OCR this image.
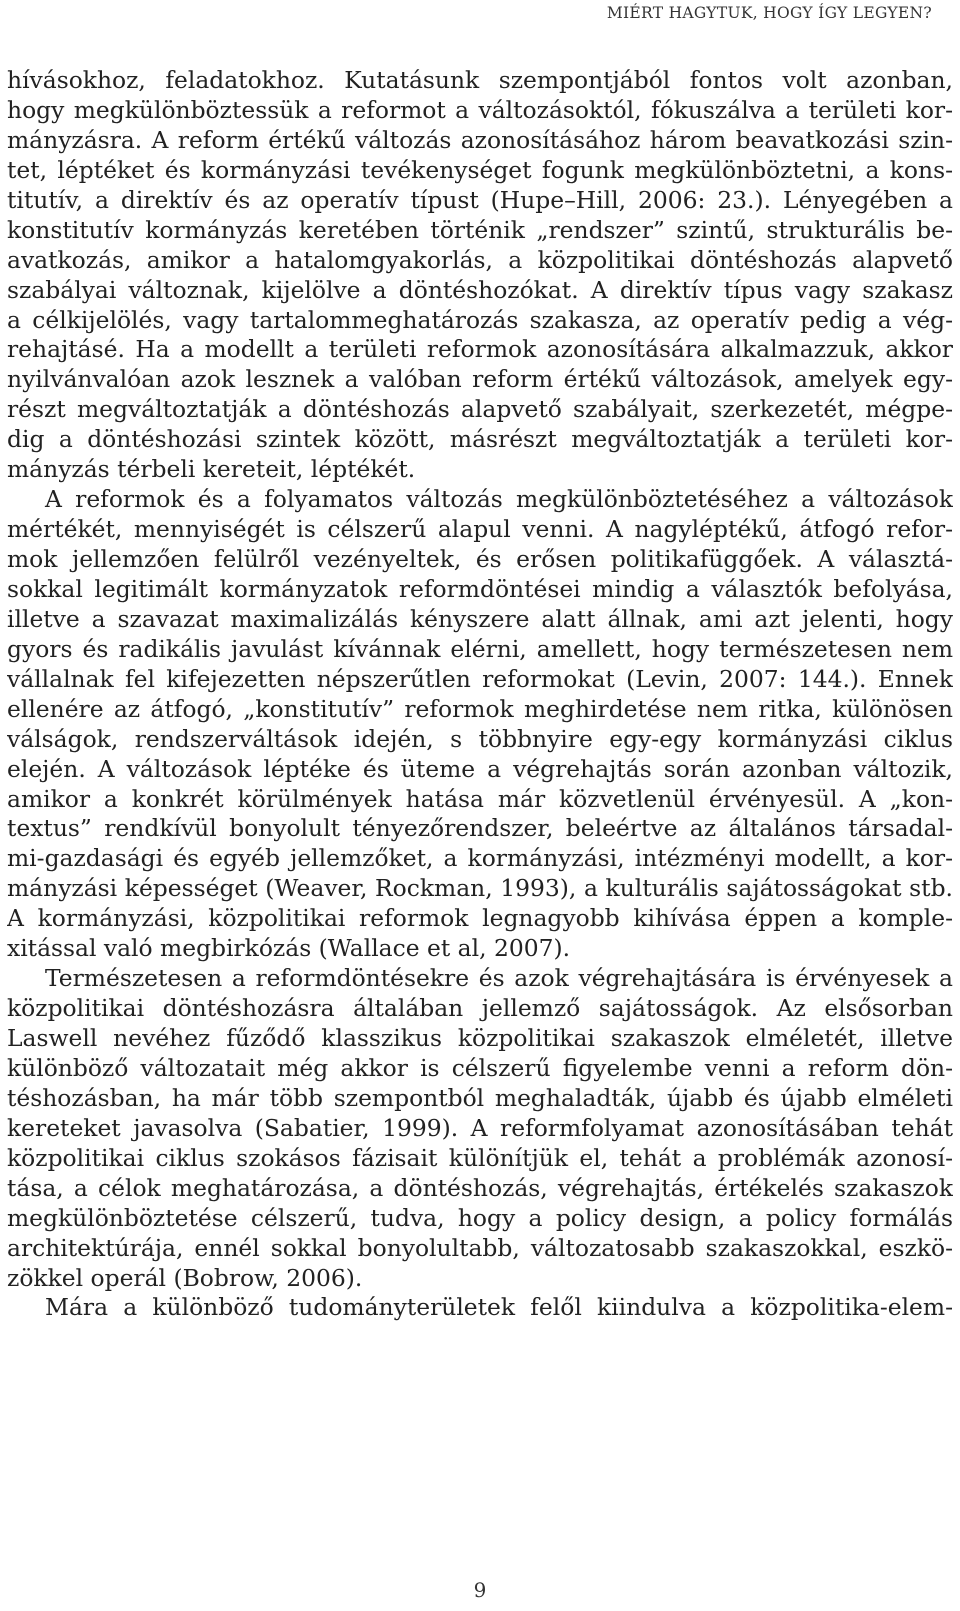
MIÉRT HAGYTUK, HOGY ÍGY LEGYEN?
hívásokhoz, feladatokhoz. Kutatásunk szempontjából fontos volt azonban,
hogy megkülönböztessük a reformot a változásoktól, fókuszálva a területi kor-
mányzásra. A reform értékű változás azonosításához három beavatkozási szin-
tet, léptéket és kormányzási tevékenységet fogunk megkülönböztetni, a kons-
titutív, a direktív és az operatív típust (Hupe–Hill, 2006: 23.). Lényegében a
konstitutív kormányzás keretében történik „rendszer” szintű, strukturális be-
avatkozás, amikor a hatalomgyakorlás, a közpolitikai döntéshozás alapvető
szabályai változnak, kijelölve a döntéshozókat. A direktív típus vagy szakasz
a célkijelölés, vagy tartalommeghatározás szakasza, az operatív pedig a vég-
rehajtásé. Ha a modellt a területi reformok azonosítására alkalmazzuk, akkor
nyilvánvalóan azok lesznek a valóban reform értékű változások, amelyek egy-
részt megváltoztatják a döntéshozás alapvető szabályait, szerkezetét, mégpe-
dig a döntéshozási szintek között, másrészt megváltoztatják a területi kor-
mányzás térbeli kereteit, léptékét.
A reformok és a folyamatos változás megkülönböztetéséhez a változások
mértékét, mennyiségét is célszerű alapul venni. A nagyléptékű, átfogó refor-
mok jellemzően felülről vezényeltek, és erősen politikafüggőek. A választá-
sokkal legitimált kormányzatok reformdöntései mindig a választók befolyása,
illetve a szavazat maximalizálás kényszere alatt állnak, ami azt jelenti, hogy
gyors és radikális javulást kívánnak elérni, amellett, hogy természetesen nem
vállalnak fel kifejezetten népszerűtlen reformokat (Levin, 2007: 144.). Ennek
ellenére az átfogó, „konstitutív” reformok meghirdetése nem ritka, különösen
válságok, rendszerváltások idején, s többnyire egy-egy kormányzási ciklus
elején. A változások léptéke és üteme a végrehajtás során azonban változik,
amikor a konkrét körülmények hatása már közvetlenül érvényesül. A „kon-
textus” rendkívül bonyolult tényezőrendszer, beleértve az általános társadal-
mi-gazdasági és egyéb jellemzőket, a kormányzási, intézményi modellt, a kor-
mányzási képességet (Weaver, Rockman, 1993), a kulturális sajátosságokat stb.
A kormányzási, közpolitikai reformok legnagyobb kihívása éppen a komple-
xitással való megbirkózás (Wallace et al, 2007).
Természetesen a reformdöntésekre és azok végrehajtására is érvényesek a
közpolitikai döntéshozásra általában jellemző sajátosságok. Az elsősorban
Laswell nevéhez fűződő klasszikus közpolitikai szakaszok elméletét, illetve
különböző változatait még akkor is célszerű figyelembe venni a reform dön-
téshozásban, ha már több szempontból meghaladták, újabb és újabb elméleti
kereteket javasolva (Sabatier, 1999). A reformfolyamat azonosításában tehát
közpolitikai ciklus szokásos fázisait különítjük el, tehát a problémák azonosí-
tása, a célok meghatározása, a döntéshozás, végrehajtás, értékelés szakaszok
megkülönböztetése célszerű, tudva, hogy a policy design, a policy formálás
architektúrája, ennél sokkal bonyolultabb, változatosabb szakaszokkal, eszkö-
zökkel operál (Bobrow, 2006).
Mára a különböző tudományterületek felől kiindulva a közpolitika-elem-
9
